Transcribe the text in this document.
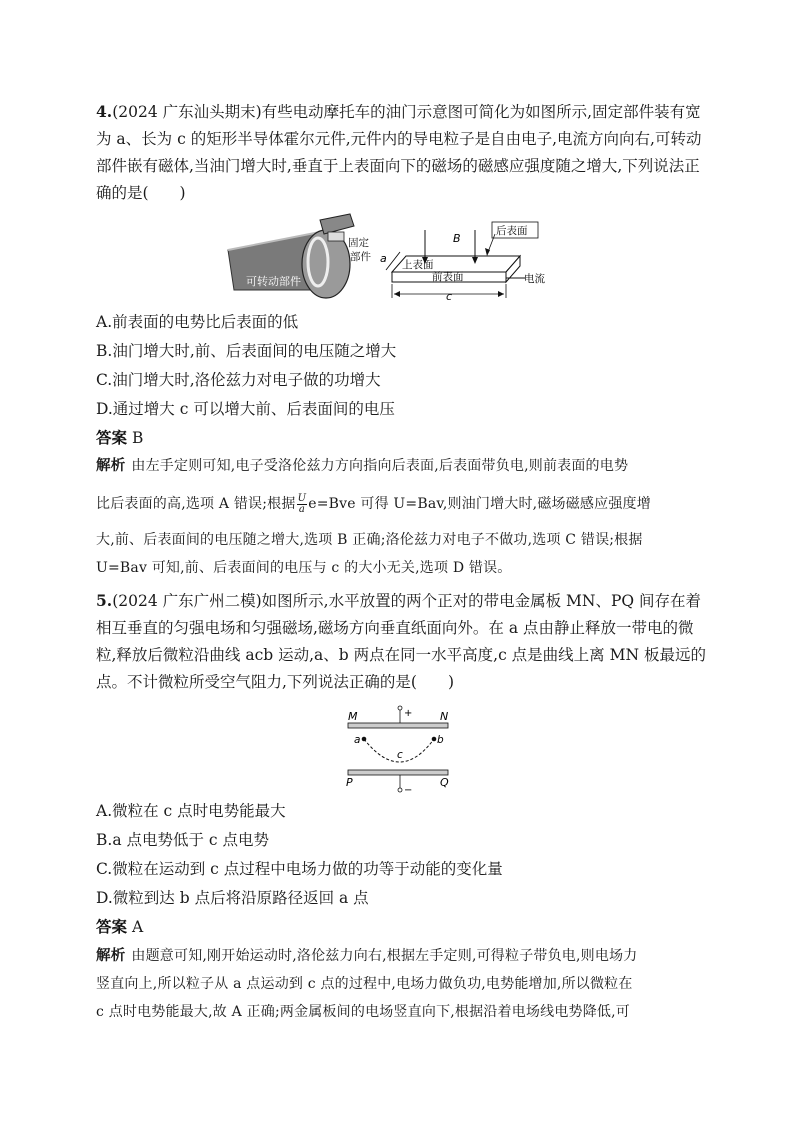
4.(2024 广东汕头期末)有些电动摩托车的油门示意图可简化为如图所示,固定部件装有宽为 a、长为 c 的矩形半导体霍尔元件,元件内的导电粒子是自由电子,电流方向向右,可转动部件嵌有磁体,当油门增大时,垂直于上表面向下的磁场的磁感应强度随之增大,下列说法正确的是(　　)
可转动部件
固定
部件 a
B
后表面
上表面
前表面	电流
c
A.前表面的电势比后表面的低
B.油门增大时,前、后表面间的电压随之增大
C.油门增大时,洛伦兹力对电子做的功增大
D.通过增大 c 可以增大前、后表面间的电压
答案 B
解析 由左手定则可知,电子受洛伦兹力方向指向后表面,后表面带负电,则前表面的电势
比后表面的高,选项 A 错误;根据 $\frac{U}{a} e=Bve$ 可得 U=Bav,则油门增大时,磁场磁感应强度增
大,前、后表面间的电压随之增大,选项 B 正确;洛伦兹力对电子不做功,选项 C 错误;根据
U=Bav 可知,前、后表面间的电压与 c 的大小无关,选项 D 错误。
5.(2024 广东广州二模)如图所示,水平放置的两个正对的带电金属板 MN、PQ 间存在着相互垂直的匀强电场和匀强磁场,磁场方向垂直纸面向外。在 a 点由静止释放一带电的微粒,释放后微粒沿曲线 acb 运动,a、b 两点在同一水平高度,c 点是曲线上离 MN 板最远的点。不计微粒所受空气阻力,下列说法正确的是(　　)
M	N
+
a	b
c
P	Q
−
A.微粒在 c 点时电势能最大
B.a 点电势低于 c 点电势
C.微粒在运动到 c 点过程中电场力做的功等于动能的变化量
D.微粒到达 b 点后将沿原路径返回 a 点
答案 A
解析 由题意可知,刚开始运动时,洛伦兹力向右,根据左手定则,可得粒子带负电,则电场力
竖直向上,所以粒子从 a 点运动到 c 点的过程中,电场力做负功,电势能增加,所以微粒在
c 点时电势能最大,故 A 正确;两金属板间的电场竖直向下,根据沿着电场线电势降低,可
